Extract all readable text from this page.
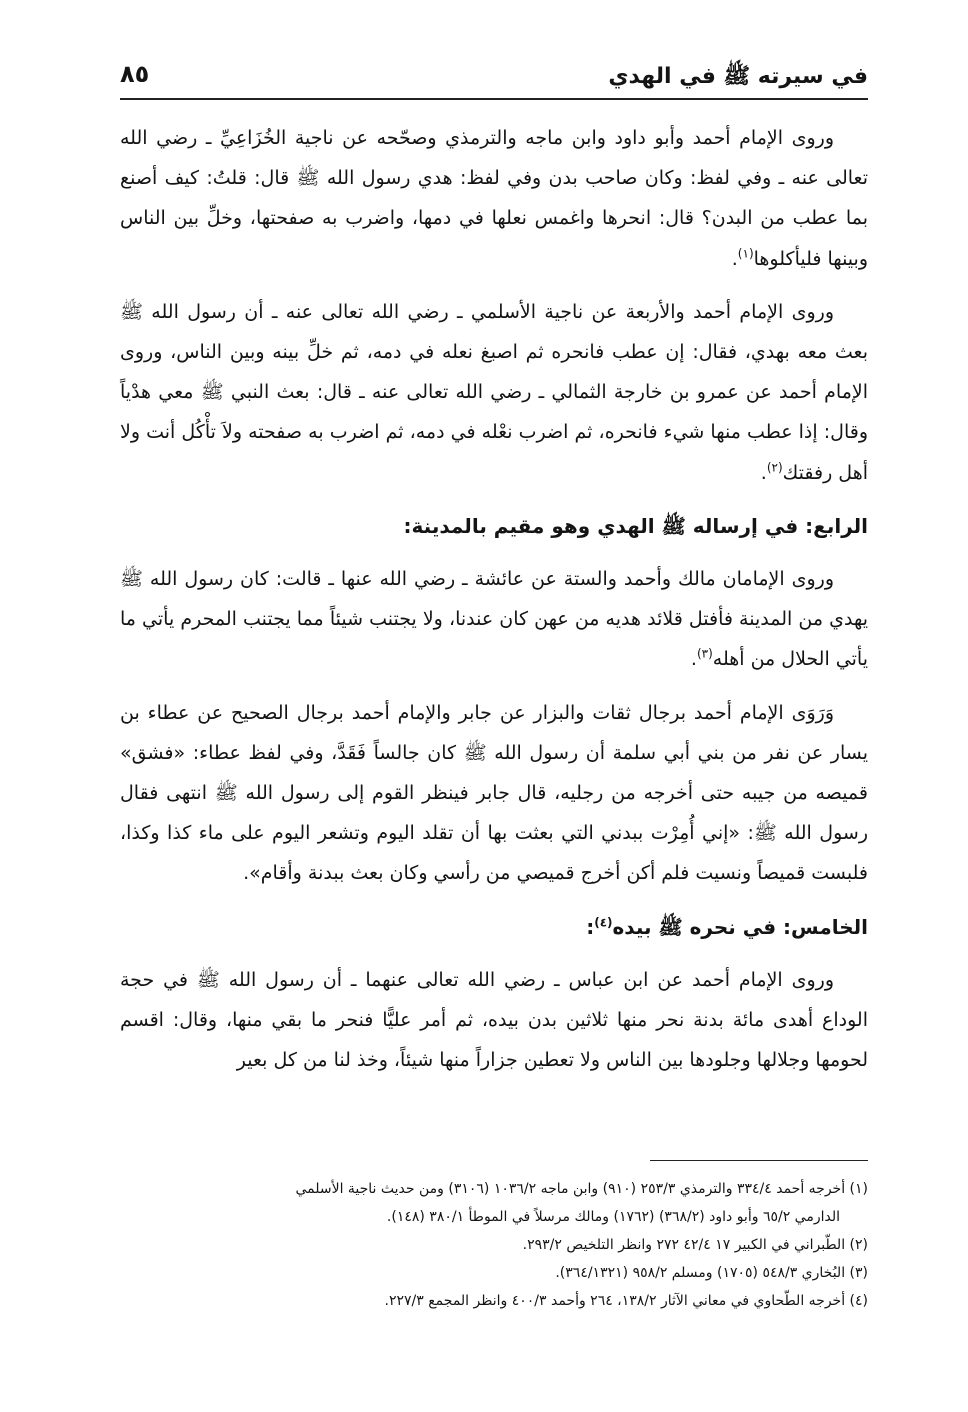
في سيرته ﷺ في الهدي
٨٥

وروى الإمام أحمد وأبو داود وابن ماجه والترمذي وصحّحه عن ناجية الخُزَاعِيِّ ـ رضي الله تعالى عنه ـ وفي لفظ: وكان صاحب بدن وفي لفظ: هدي رسول الله ﷺ قال: قلتُ: كيف أصنع بما عطب من البدن؟ قال: انحرها واغمس نعلها في دمها، واضرب به صفحتها، وخلِّ بين الناس وبينها فليأكلوها$^{(١)}$.

وروى الإمام أحمد والأربعة عن ناجية الأسلمي ـ رضي الله تعالى عنه ـ أن رسول الله ﷺ بعث معه بهدي، فقال: إن عطب فانحره ثم اصبغ نعله في دمه، ثم خلِّ بينه وبين الناس، وروى الإمام أحمد عن عمرو بن خارجة الثمالي ـ رضي الله تعالى عنه ـ قال: بعث النبي ﷺ معي هدْياً وقال: إذا عطب منها شيء فانحره، ثم اضرب نعْله في دمه، ثم اضرب به صفحته ولاَ تأْكُل أنت ولا أهل رفقتك$^{(٢)}$.

الرابع: في إرساله ﷺ الهدي وهو مقيم بالمدينة:

وروى الإمامان مالك وأحمد والستة عن عائشة ـ رضي الله عنها ـ قالت: كان رسول الله ﷺ يهدي من المدينة فأفتل قلائد هديه من عهن كان عندنا، ولا يجتنب شيئاً مما يجتنب المحرم يأتي ما يأتي الحلال من أهله$^{(٣)}$.

وَرَوَى الإمام أحمد برجال ثقات والبزار عن جابر والإمام أحمد برجال الصحيح عن عطاء بن يسار عن نفر من بني أبي سلمة أن رسول الله ﷺ كان جالساً فَقَدَّ، وفي لفظ عطاء: «فشق» قميصه من جيبه حتى أخرجه من رجليه، قال جابر فينظر القوم إلى رسول الله ﷺ انتهى فقال رسول الله ﷺ: «إني أُمِرْت ببدني التي بعثت بها أن تقلد اليوم وتشعر اليوم على ماء كذا وكذا، فلبست قميصاً ونسيت فلم أكن أخرج قميصي من رأسي وكان بعث ببدنة وأقام».

الخامس: في نحره ﷺ بيده$^{(٤)}$:

وروى الإمام أحمد عن ابن عباس ـ رضي الله تعالى عنهما ـ أن رسول الله ﷺ في حجة الوداع أهدى مائة بدنة نحر منها ثلاثين بدن بيده، ثم أمر عليًّا فنحر ما بقي منها، وقال: اقسم لحومها وجلالها وجلودها بين الناس ولا تعطين جزاراً منها شيئاً، وخذ لنا من كل بعير

(١) أخرجه أحمد ٣٣٤/٤ والترمذي ٢٥٣/٣ (٩١٠) وابن ماجه ١٠٣٦/٢ (٣١٠٦) ومن حديث ناجية الأسلمي

الدارمي ٦٥/٢ وأبو داود (٣٦٨/٢) (١٧٦٢) ومالك مرسلاً في الموطأ ٣٨٠/١ (١٤٨).

(٢) الطّبراني في الكبير ١٧ ٤٢/٤ ٢٧٢ وانظر التلخيص ٢٩٣/٢.

(٣) البُخاري ٥٤٨/٣ (١٧٠٥) ومسلم ٩٥٨/٢ (٣٦٤/١٣٢١).

(٤) أخرجه الطّحاوي في معاني الآثار ١٣٨/٢، ٢٦٤ وأحمد ٤٠٠/٣ وانظر المجمع ٢٢٧/٣.
